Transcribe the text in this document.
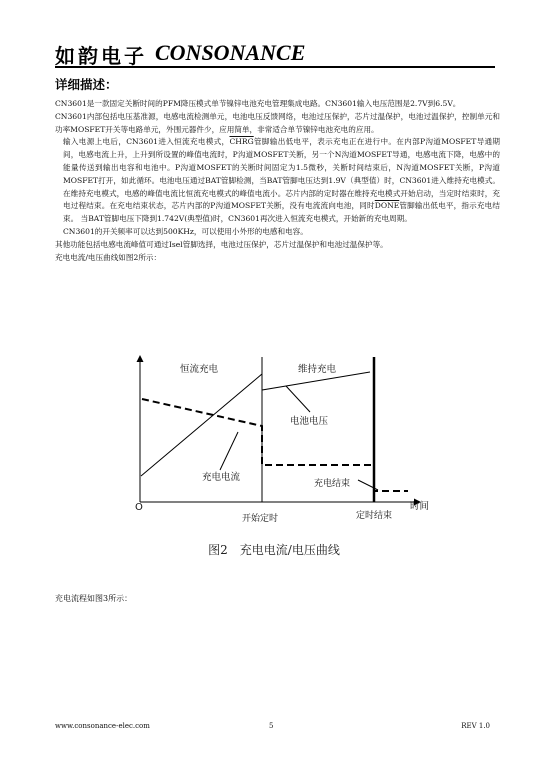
如韵电子 CONSONANCE
详细描述：

CN3601是一款固定关断时间的PFM降压模式单节镍锌电池充电管理集成电路。CN3601输入电压范围是2.7V到6.5V。

CN3601内部包括电压基准源，电感电流检测单元，电池电压反馈网络，电池过压保护，芯片过温保护，电池过温保护，控制单元和功率MOSFET开关等电路单元，外围元器件少，应用简单，非常适合单节镍锌电池充电的应用。

输入电源上电后，CN3601进入恒流充电模式，CHRG管脚输出低电平，表示充电正在进行中。在内部P沟道MOSFET导通期间，电感电流上升，上升到所设置的峰值电流时，P沟道MOSFET关断，另一个N沟道MOSFET导通，电感电流下降，电感中的能量传送到输出电容和电池中。P沟道MOSFET的关断时间固定为1.5微秒，关断时间结束后，N沟道MOSFET关断，P沟道MOSFET打开，如此循环。电池电压通过BAT管脚检测，当BAT管脚电压达到1.9V（典型值）时，CN3601进入维持充电模式。在维持充电模式，电感的峰值电流比恒流充电模式的峰值电流小。芯片内部的定时器在维持充电模式开始启动，当定时结束时，充电过程结束。在充电结束状态，芯片内部的P沟道MOSFET关断，没有电流流向电池，同时DONE管脚输出低电平，指示充电结束。 当BAT管脚电压下降到1.742V(典型值)时，CN3601再次进入恒流充电模式，开始新的充电周期。

CN3601的开关频率可以达到500KHz，可以使用小外形的电感和电容。

其他功能包括电感电流峰值可通过Isel管脚选择，电池过压保护，芯片过温保护和电池过温保护等。

充电电流/电压曲线如图2所示：

恒流充电	维持充电
电池电压
充电电流
充电结束
时间
O
开始定时	定时结束
图2　充电电流/电压曲线
充电流程如图3所示：
www.consonance-elec.com	5	REV 1.0
